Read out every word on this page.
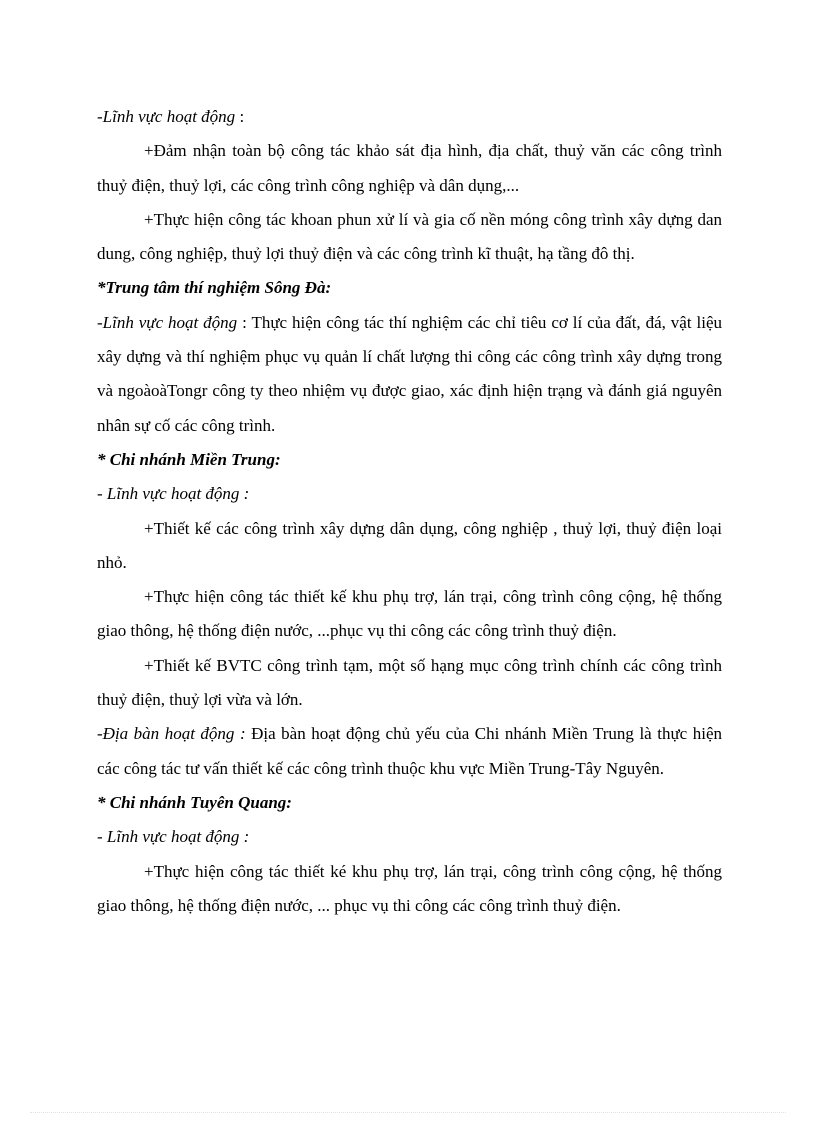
-Lĩnh vực hoạt động :

+Đảm nhận toàn bộ công tác khảo sát địa hình, địa chất, thuỷ văn các công trình thuỷ điện, thuỷ lợi, các công trình công nghiệp và dân dụng,...

+Thực hiện công tác khoan phun xử lí và gia cố nền móng công trình xây dựng dan dung, công nghiệp, thuỷ lợi thuỷ điện và các công trình kĩ thuật, hạ tầng đô thị.

*Trung tâm thí nghiệm Sông Đà:

-Lĩnh vực hoạt động : Thực hiện công tác thí nghiệm các chỉ tiêu cơ lí của đất, đá, vật liệu xây dựng và thí nghiệm phục vụ quản lí chất lượng thi công các công trình xây dựng trong và ngoàoàTongr công ty theo nhiệm vụ được giao, xác định hiện trạng và đánh giá nguyên nhân sự cố các công trình.

* Chi nhánh Miền Trung:

- Lĩnh vực hoạt động :

+Thiết kế các công trình xây dựng dân dụng, công nghiệp , thuỷ lợi, thuỷ điện loại nhỏ.

+Thực hiện công tác thiết kế khu phụ trợ, lán trại, công trình công cộng, hệ thống giao thông, hệ thống điện nước, ...phục vụ thi công các công trình thuỷ điện.

+Thiết kế BVTC công trình tạm, một số hạng mục công trình chính các công trình thuỷ điện, thuỷ lợi vừa và lớn.

-Địa bàn hoạt động : Địa bàn hoạt động chủ yếu của Chi nhánh Miền Trung là thực hiện các công tác tư vấn thiết kế các công trình thuộc khu vực Miền Trung-Tây Nguyên.

* Chi nhánh Tuyên Quang:

- Lĩnh vực hoạt động :

+Thực hiện công tác thiết ké khu phụ trợ, lán trại, công trình công cộng, hệ thống giao thông, hệ thống điện nước, ... phục vụ thi công các công trình thuỷ điện.
